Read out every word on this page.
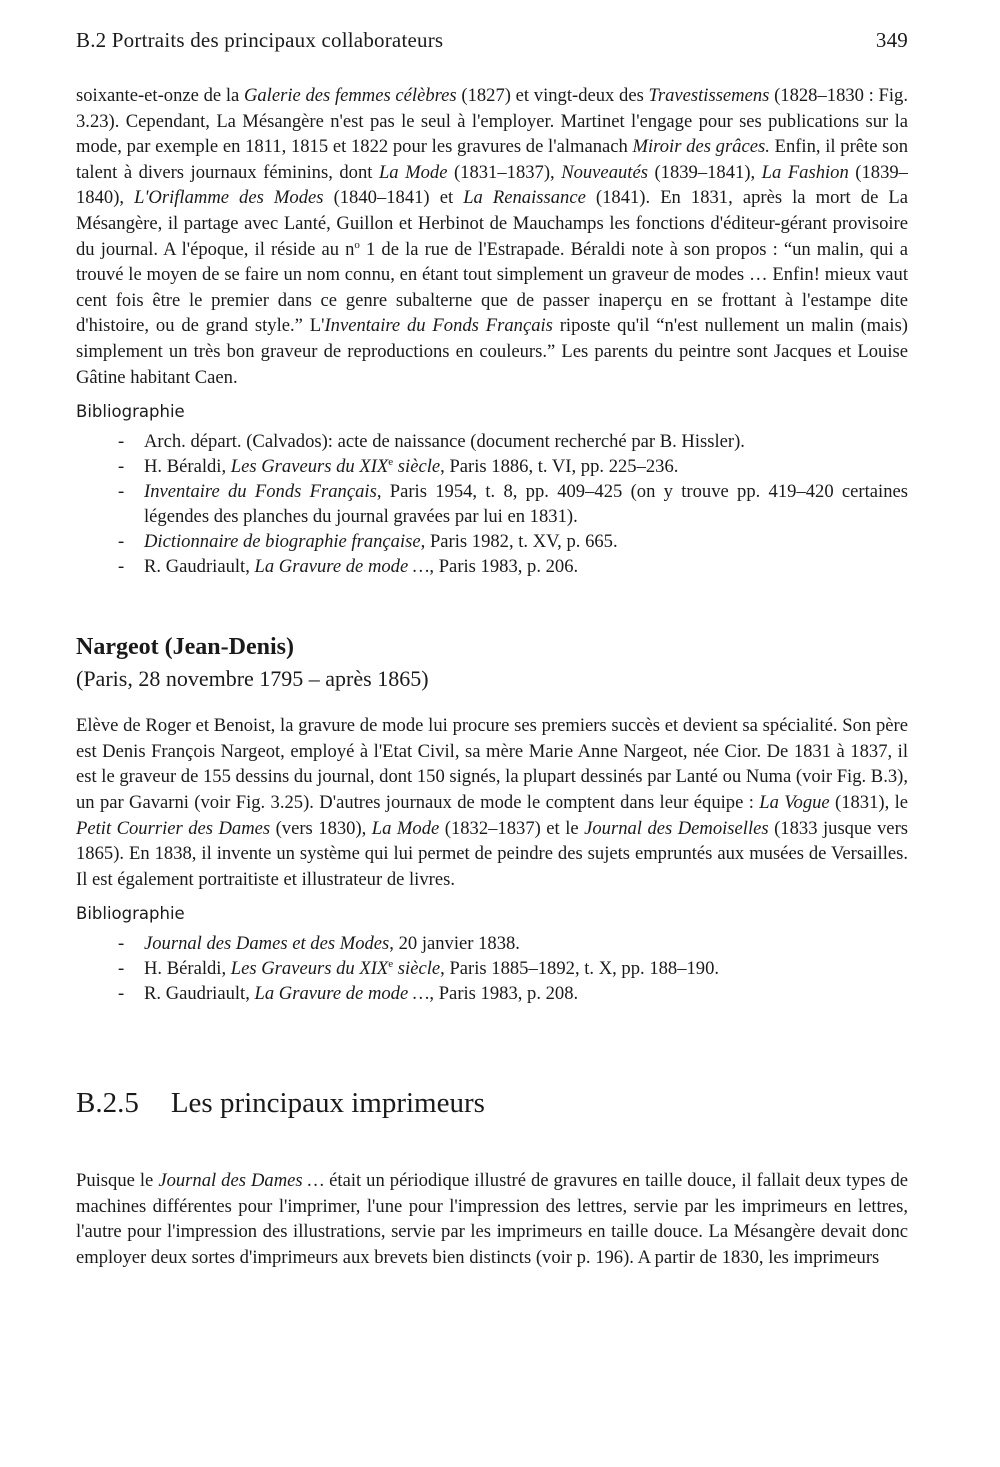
B.2 Portraits des principaux collaborateurs	349

soixante-et-onze de la Galerie des femmes célèbres (1827) et vingt-deux des Travestissemens (1828–1830 : Fig. 3.23). Cependant, La Mésangère n'est pas le seul à l'employer. Martinet l'engage pour ses publications sur la mode, par exemple en 1811, 1815 et 1822 pour les gravures de l'almanach Miroir des grâces. Enfin, il prête son talent à divers journaux féminins, dont La Mode (1831–1837), Nouveautés (1839–1841), La Fashion (1839–1840), L'Oriflamme des Modes (1840–1841) et La Renaissance (1841). En 1831, après la mort de La Mésangère, il partage avec Lanté, Guillon et Herbinot de Mauchamps les fonctions d'éditeur-gérant provisoire du journal. A l'époque, il réside au $n^o$ 1 de la rue de l'Estrapade. Béraldi note à son propos : “un malin, qui a trouvé le moyen de se faire un nom connu, en étant tout simplement un graveur de modes … Enfin! mieux vaut cent fois être le premier dans ce genre subalterne que de passer inaperçu en se frottant à l'estampe dite d'histoire, ou de grand style.” L'Inventaire du Fonds Français riposte qu'il “n'est nullement un malin (mais) simplement un très bon graveur de reproductions en couleurs.” Les parents du peintre sont Jacques et Louise Gâtine habitant Caen.

Bibliographie
- Arch. départ. (Calvados): acte de naissance (document recherché par B. Hissler).
- H. Béraldi, Les Graveurs du XIXe siècle, Paris 1886, t. VI, pp. 225–236.
- Inventaire du Fonds Français, Paris 1954, t. 8, pp. 409–425 (on y trouve pp. 419–420 certaines légendes des planches du journal gravées par lui en 1831).
- Dictionnaire de biographie française, Paris 1982, t. XV, p. 665.
- R. Gaudriault, La Gravure de mode …, Paris 1983, p. 206.
Nargeot (Jean-Denis)
(Paris, 28 novembre 1795 – après 1865)

Elève de Roger et Benoist, la gravure de mode lui procure ses premiers succès et devient sa spécialité. Son père est Denis François Nargeot, employé à l'Etat Civil, sa mère Marie Anne Nargeot, née Cior. De 1831 à 1837, il est le graveur de 155 dessins du journal, dont 150 signés, la plupart dessinés par Lanté ou Numa (voir Fig. B.3), un par Gavarni (voir Fig. 3.25). D'autres journaux de mode le comptent dans leur équipe : La Vogue (1831), le Petit Courrier des Dames (vers 1830), La Mode (1832–1837) et le Journal des Demoiselles (1833 jusque vers 1865). En 1838, il invente un système qui lui permet de peindre des sujets empruntés aux musées de Versailles. Il est également portraitiste et illustrateur de livres.

Bibliographie
- Journal des Dames et des Modes, 20 janvier 1838.
- H. Béraldi, Les Graveurs du XIXe siècle, Paris 1885–1892, t. X, pp. 188–190.
- R. Gaudriault, La Gravure de mode …, Paris 1983, p. 208.
B.2.5 Les principaux imprimeurs

Puisque le Journal des Dames … était un périodique illustré de gravures en taille douce, il fallait deux types de machines différentes pour l'imprimer, l'une pour l'impression des lettres, servie par les imprimeurs en lettres, l'autre pour l'impression des illustrations, servie par les imprimeurs en taille douce. La Mésangère devait donc employer deux sortes d'imprimeurs aux brevets bien distincts (voir p. 196). A partir de 1830, les imprimeurs
